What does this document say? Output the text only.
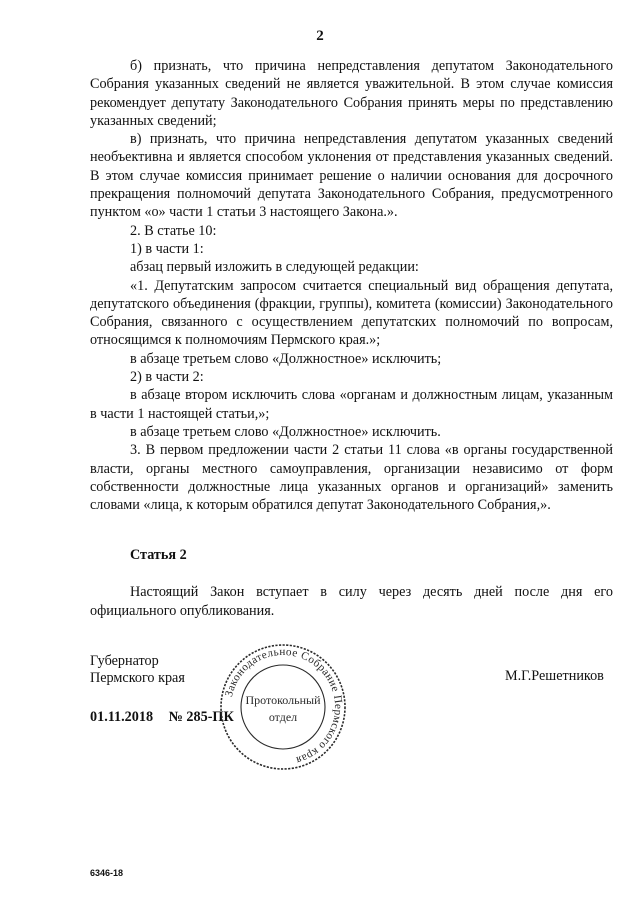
2

б) признать, что причина непредставления депутатом Законодательного Собрания указанных сведений не является уважительной. В этом случае комиссия рекомендует депутату Законодательного Собрания принять меры по представлению указанных сведений;

в) признать, что причина непредставления депутатом указанных сведений необъективна и является способом уклонения от представления указанных сведений. В этом случае комиссия принимает решение о наличии основания для досрочного прекращения полномочий депутата Законодательного Собрания, предусмотренного пунктом «о» части 1 статьи 3 настоящего Закона.».

2. В статье 10:

1) в части 1:

абзац первый изложить в следующей редакции:

«1. Депутатским запросом считается специальный вид обращения депутата, депутатского объединения (фракции, группы), комитета (комиссии) Законодательного Собрания, связанного с осуществлением депутатских полномочий по вопросам, относящимся к полномочиям Пермского края.»;

в абзаце третьем слово «Должностное» исключить;

2) в части 2:

в абзаце втором исключить слова «органам и должностным лицам, указанным в части 1 настоящей статьи,»;

в абзаце третьем слово «Должностное» исключить.

3. В первом предложении части 2 статьи 11 слова «в органы государственной власти, органы местного самоуправления, организации независимо от форм собственности должностные лица указанных органов и организаций» заменить словами «лица, к которым обратился депутат Законодательного Собрания,».

Статья 2

Настоящий Закон вступает в силу через десять дней после дня его официального опубликования.

Губернатор
Пермского края	М.Г.Решетников
01.11.2018 № 285-ПК
Законодательное Собрание Пермского края
Протокольный
отдел
6346-18
